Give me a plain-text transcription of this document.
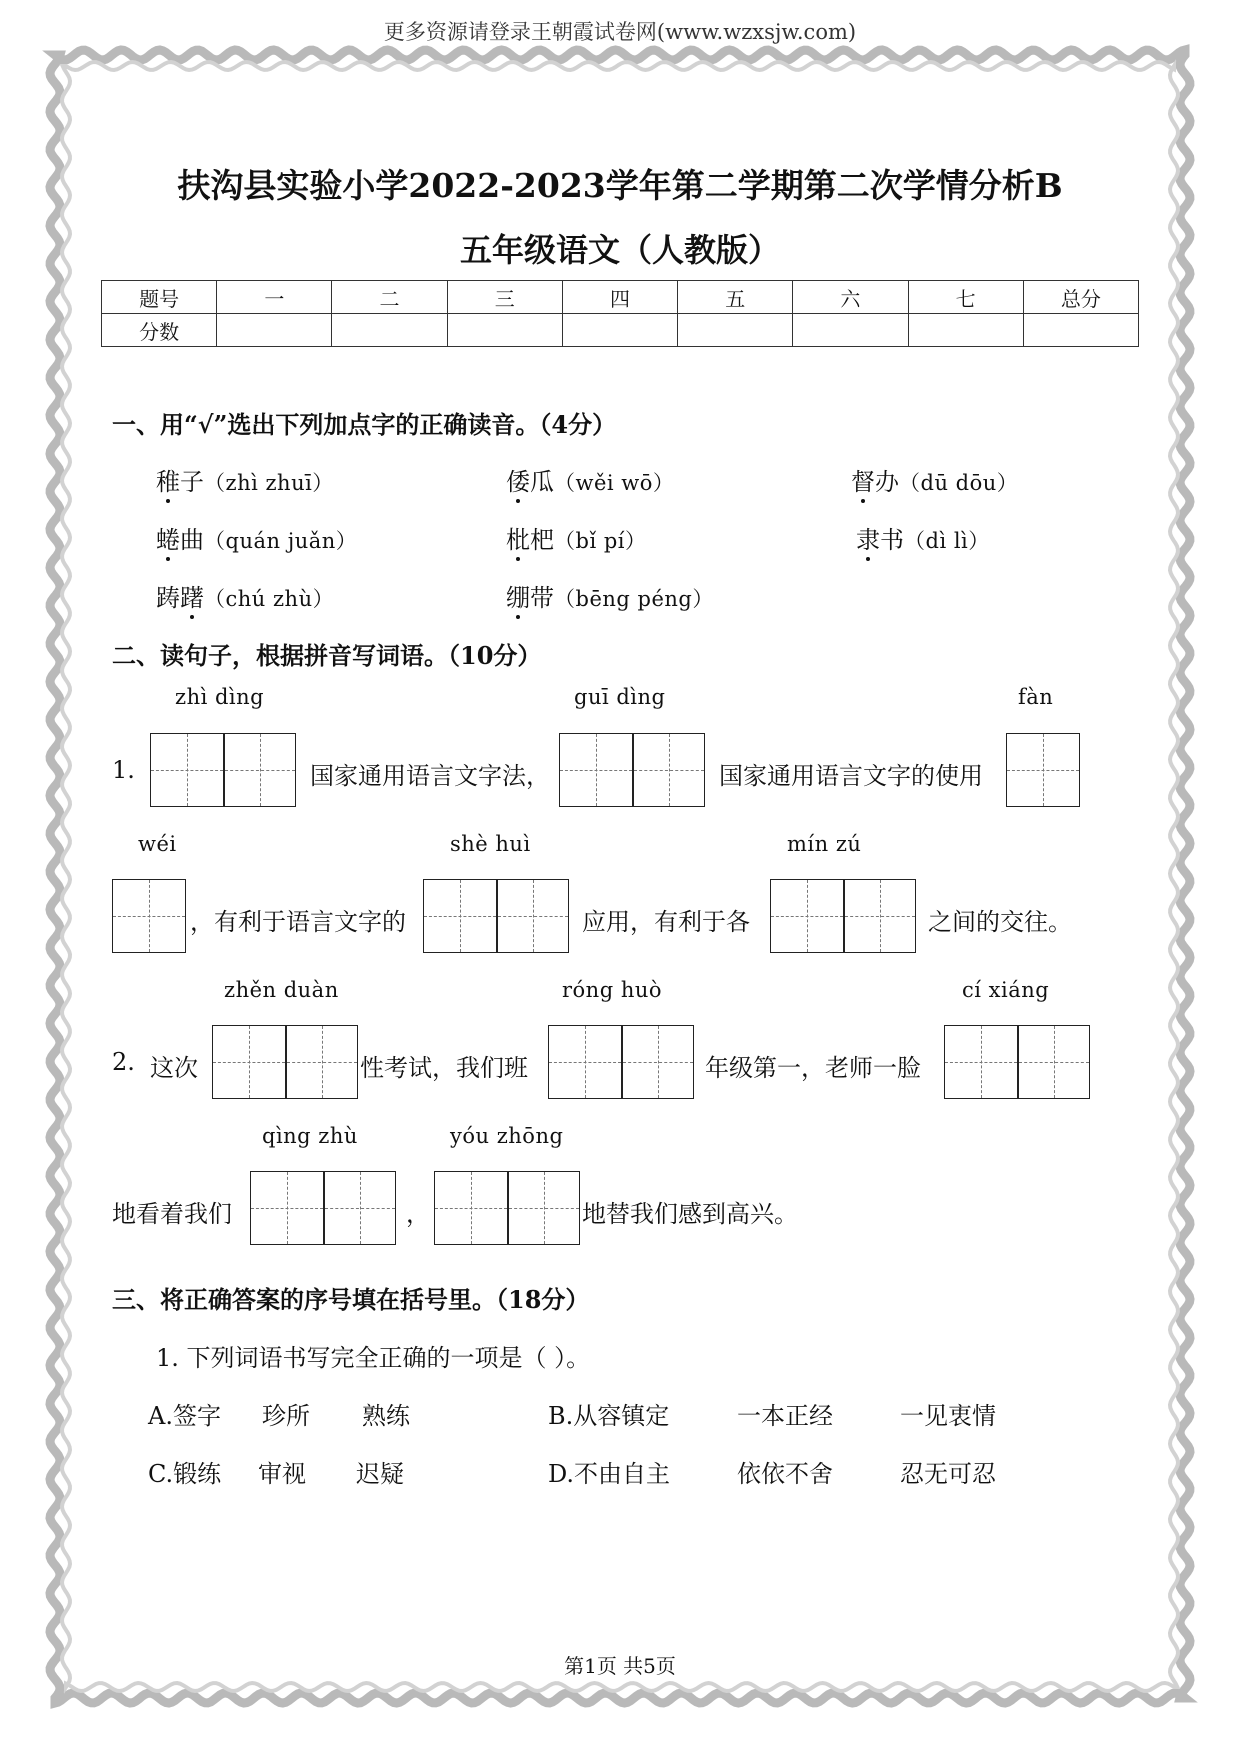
更多资源请登录王朝霞试卷网(www.wzxsjw.com)
扶沟县实验小学2022-2023学年第二学期第二次学情分析B
五年级语文（人教版）
题号	一	二	三	四	五	六	七	总分
分数								
一、用“√”选出下列加点字的正确读音。（4分）
稚子（zhì zhuī）	倭瓜（wěi wō）	督办（dū dōu）
蜷曲（quán juǎn）	枇杷（bǐ pí）	隶书（dì lì）
踌躇（chú zhù）	绷带（bēng péng）
二、读句子，根据拼音写词语。（10分）
zhì dìng	guī dìng	fàn
1.	国家通用语言文字法，	国家通用语言文字的使用
wéi	shè huì	mín zú
，有利于语言文字的	应用，有利于各	之间的交往。
zhěn duàn	róng huò	cí xiáng
2. 这次	性考试，我们班	年级第一，老师一脸
qìng zhù	yóu zhōng
地看着我们	，	地替我们感到高兴。
三、将正确答案的序号填在括号里。（18分）
1. 下列词语书写完全正确的一项是（ ）。
A.签字 珍所 熟练	B.从容镇定	一本正经	一见衷情
C.锻练 审视 迟疑	D.不由自主	依依不舍	忍无可忍
第1页 共5页
